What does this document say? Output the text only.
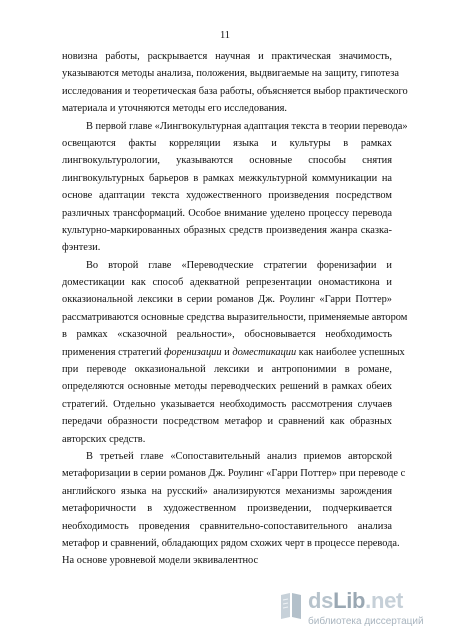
11
новизна работы, раскрывается научная и практическая значимость,
указываются методы анализа, положения, выдвигаемые на защиту, гипотеза
исследования и теоретическая база работы, объясняется выбор практического
материала и уточняются методы его исследования.
В первой главе «Лингвокультурная адаптация текста в теории перевода»
освещаются факты корреляции языка и культуры в рамках
лингвокультурологии, указываются основные способы снятия
лингвокультурных барьеров в рамках межкультурной коммуникации на
основе адаптации текста художественного произведения посредством
различных трансформаций. Особое внимание уделено процессу перевода
культурно-маркированных образных средств произведения жанра сказка-
фэнтези.
Во второй главе «Переводческие стратегии форенизафии и
доместикации как способ адекватной репрезентации ономастикона и
окказиональной лексики в серии романов Дж. Роулинг «Гарри Поттер»
рассматриваются основные средства выразительности, применяемые автором
в рамках «сказочной реальности», обосновывается необходимость
применения стратегий форенизации и доместикации как наиболее успешных
при переводе окказиональной лексики и антропонимии в романе,
определяются основные методы переводческих решений в рамках обеих
стратегий. Отдельно указывается необходимость рассмотрения случаев
передачи образности посредством метафор и сравнений как образных
авторских средств.
В третьей главе «Сопоставительный анализ приемов авторской
метафоризации в серии романов Дж. Роулинг «Гарри Поттер» при переводе с
английского языка на русский» анализируются механизмы зарождения
метафоричности в художественном произведении, подчеркивается
необходимость проведения сравнительно-сопоставительного анализа
метафор и сравнений, обладающих рядом схожих черт в процессе перевода.
На основе уровневой модели эквивалентнос
dsLib.net
библиотека диссертаций
